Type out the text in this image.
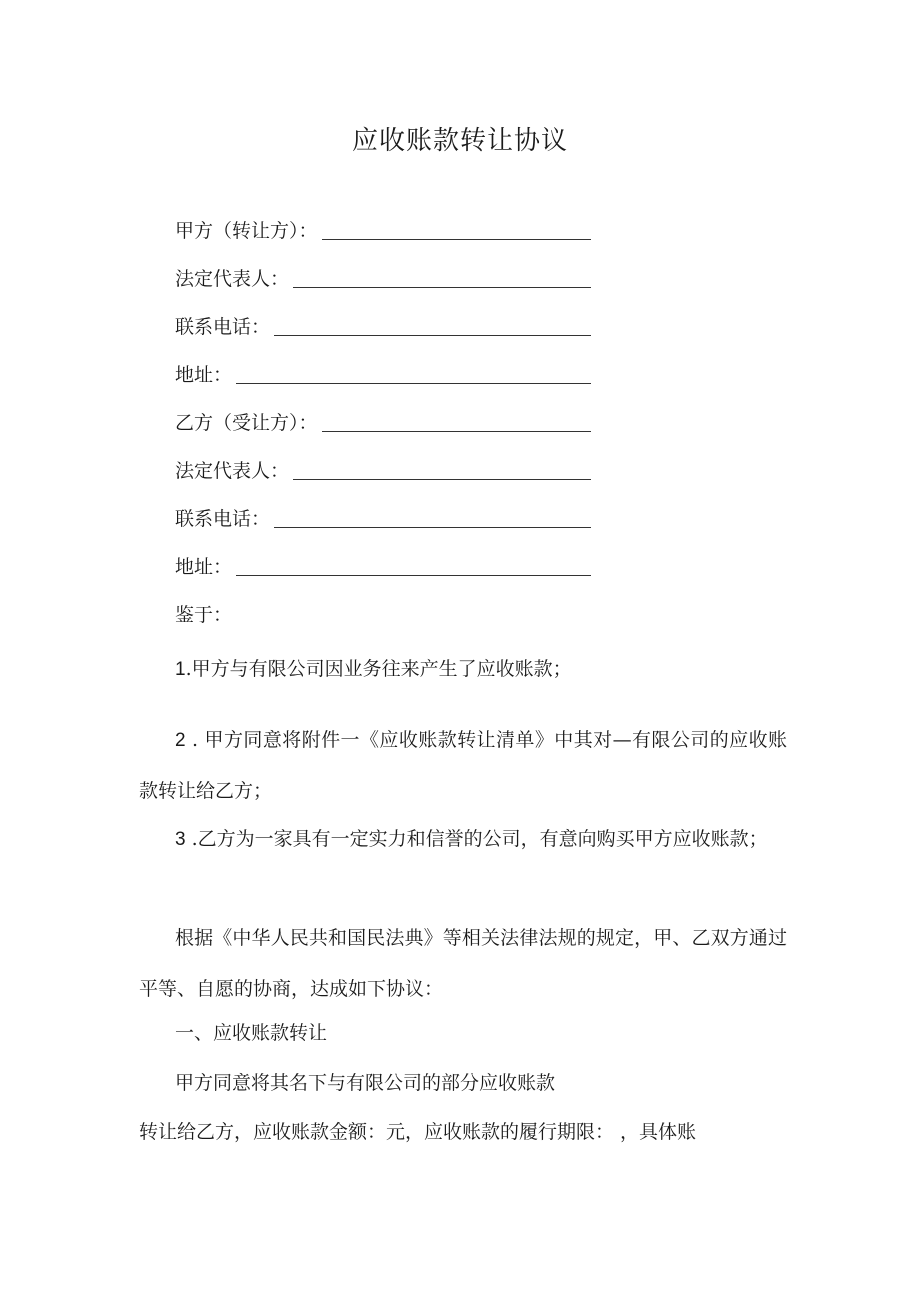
应收账款转让协议
甲方（转让方）：
法定代表人：
联系电话：
地址：
乙方（受让方）：
法定代表人：
联系电话：
地址：
鉴于：
1.甲方与有限公司因业务往来产生了应收账款；
2 . 甲方同意将附件一《应收账款转让清单》中其对—有限公司的应收账款转让给乙方；
3 .乙方为一家具有一定实力和信誉的公司，有意向购买甲方应收账款；
根据《中华人民共和国民法典》等相关法律法规的规定，甲、乙双方通过平等、自愿的协商，达成如下协议：
一、应收账款转让
甲方同意将其名下与有限公司的部分应收账款
转让给乙方，应收账款金额：元，应收账款的履行期限： ，具体账
